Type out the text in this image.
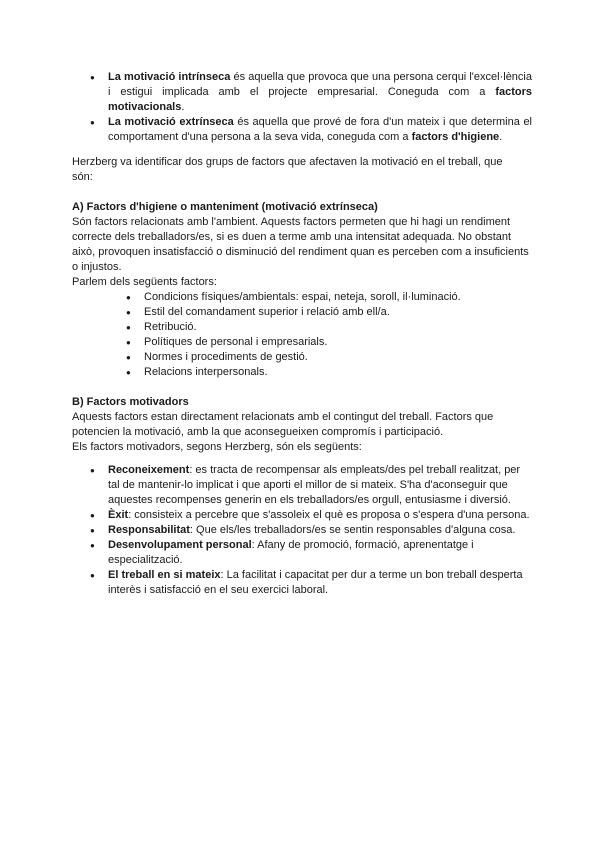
● La motivació intrínseca és aquella que provoca que una persona cerqui l'excel·lència i estigui implicada amb el projecte empresarial. Coneguda com a factors motivacionals.
● La motivació extrínseca és aquella que prové de fora d'un mateix i que determina el comportament d'una persona a la seva vida, coneguda com a factors d'higiene.

Herzberg va identificar dos grups de factors que afectaven la motivació en el treball, que són:

A) Factors d'higiene o manteniment (motivació extrínseca)

Són factors relacionats amb l'ambient. Aquests factors permeten que hi hagi un rendiment correcte dels treballadors/es, si es duen a terme amb una intensitat adequada. No obstant això, provoquen insatisfacció o disminució del rendiment quan es perceben com a insuficients o injustos.

Parlem dels següents factors:

● Condicions físiques/ambientals: espai, neteja, soroll, il·luminació.
● Estil del comandament superior i relació amb ell/a.
● Retribució.
● Polítiques de personal i empresarials.
● Normes i procediments de gestió.
● Relacions interpersonals.

B) Factors motivadors

Aquests factors estan directament relacionats amb el contingut del treball. Factors que potencien la motivació, amb la que aconsegueixen compromís i participació.

Els factors motivadors, segons Herzberg, són els següents:

● Reconeixement: es tracta de recompensar als empleats/des pel treball realitzat, per tal de mantenir-lo implicat i que aporti el millor de si mateix. S'ha d'aconseguir que aquestes recompenses generin en els treballadors/es orgull, entusiasme i diversió.
● Èxit: consisteix a percebre que s'assoleix el què es proposa o s'espera d'una persona.
● Responsabilitat: Que els/les treballadors/es se sentin responsables d'alguna cosa.
● Desenvolupament personal: Afany de promoció, formació, aprenentatge i especialització.
● El treball en si mateix: La facilitat i capacitat per dur a terme un bon treball desperta interès i satisfacció en el seu exercici laboral.
